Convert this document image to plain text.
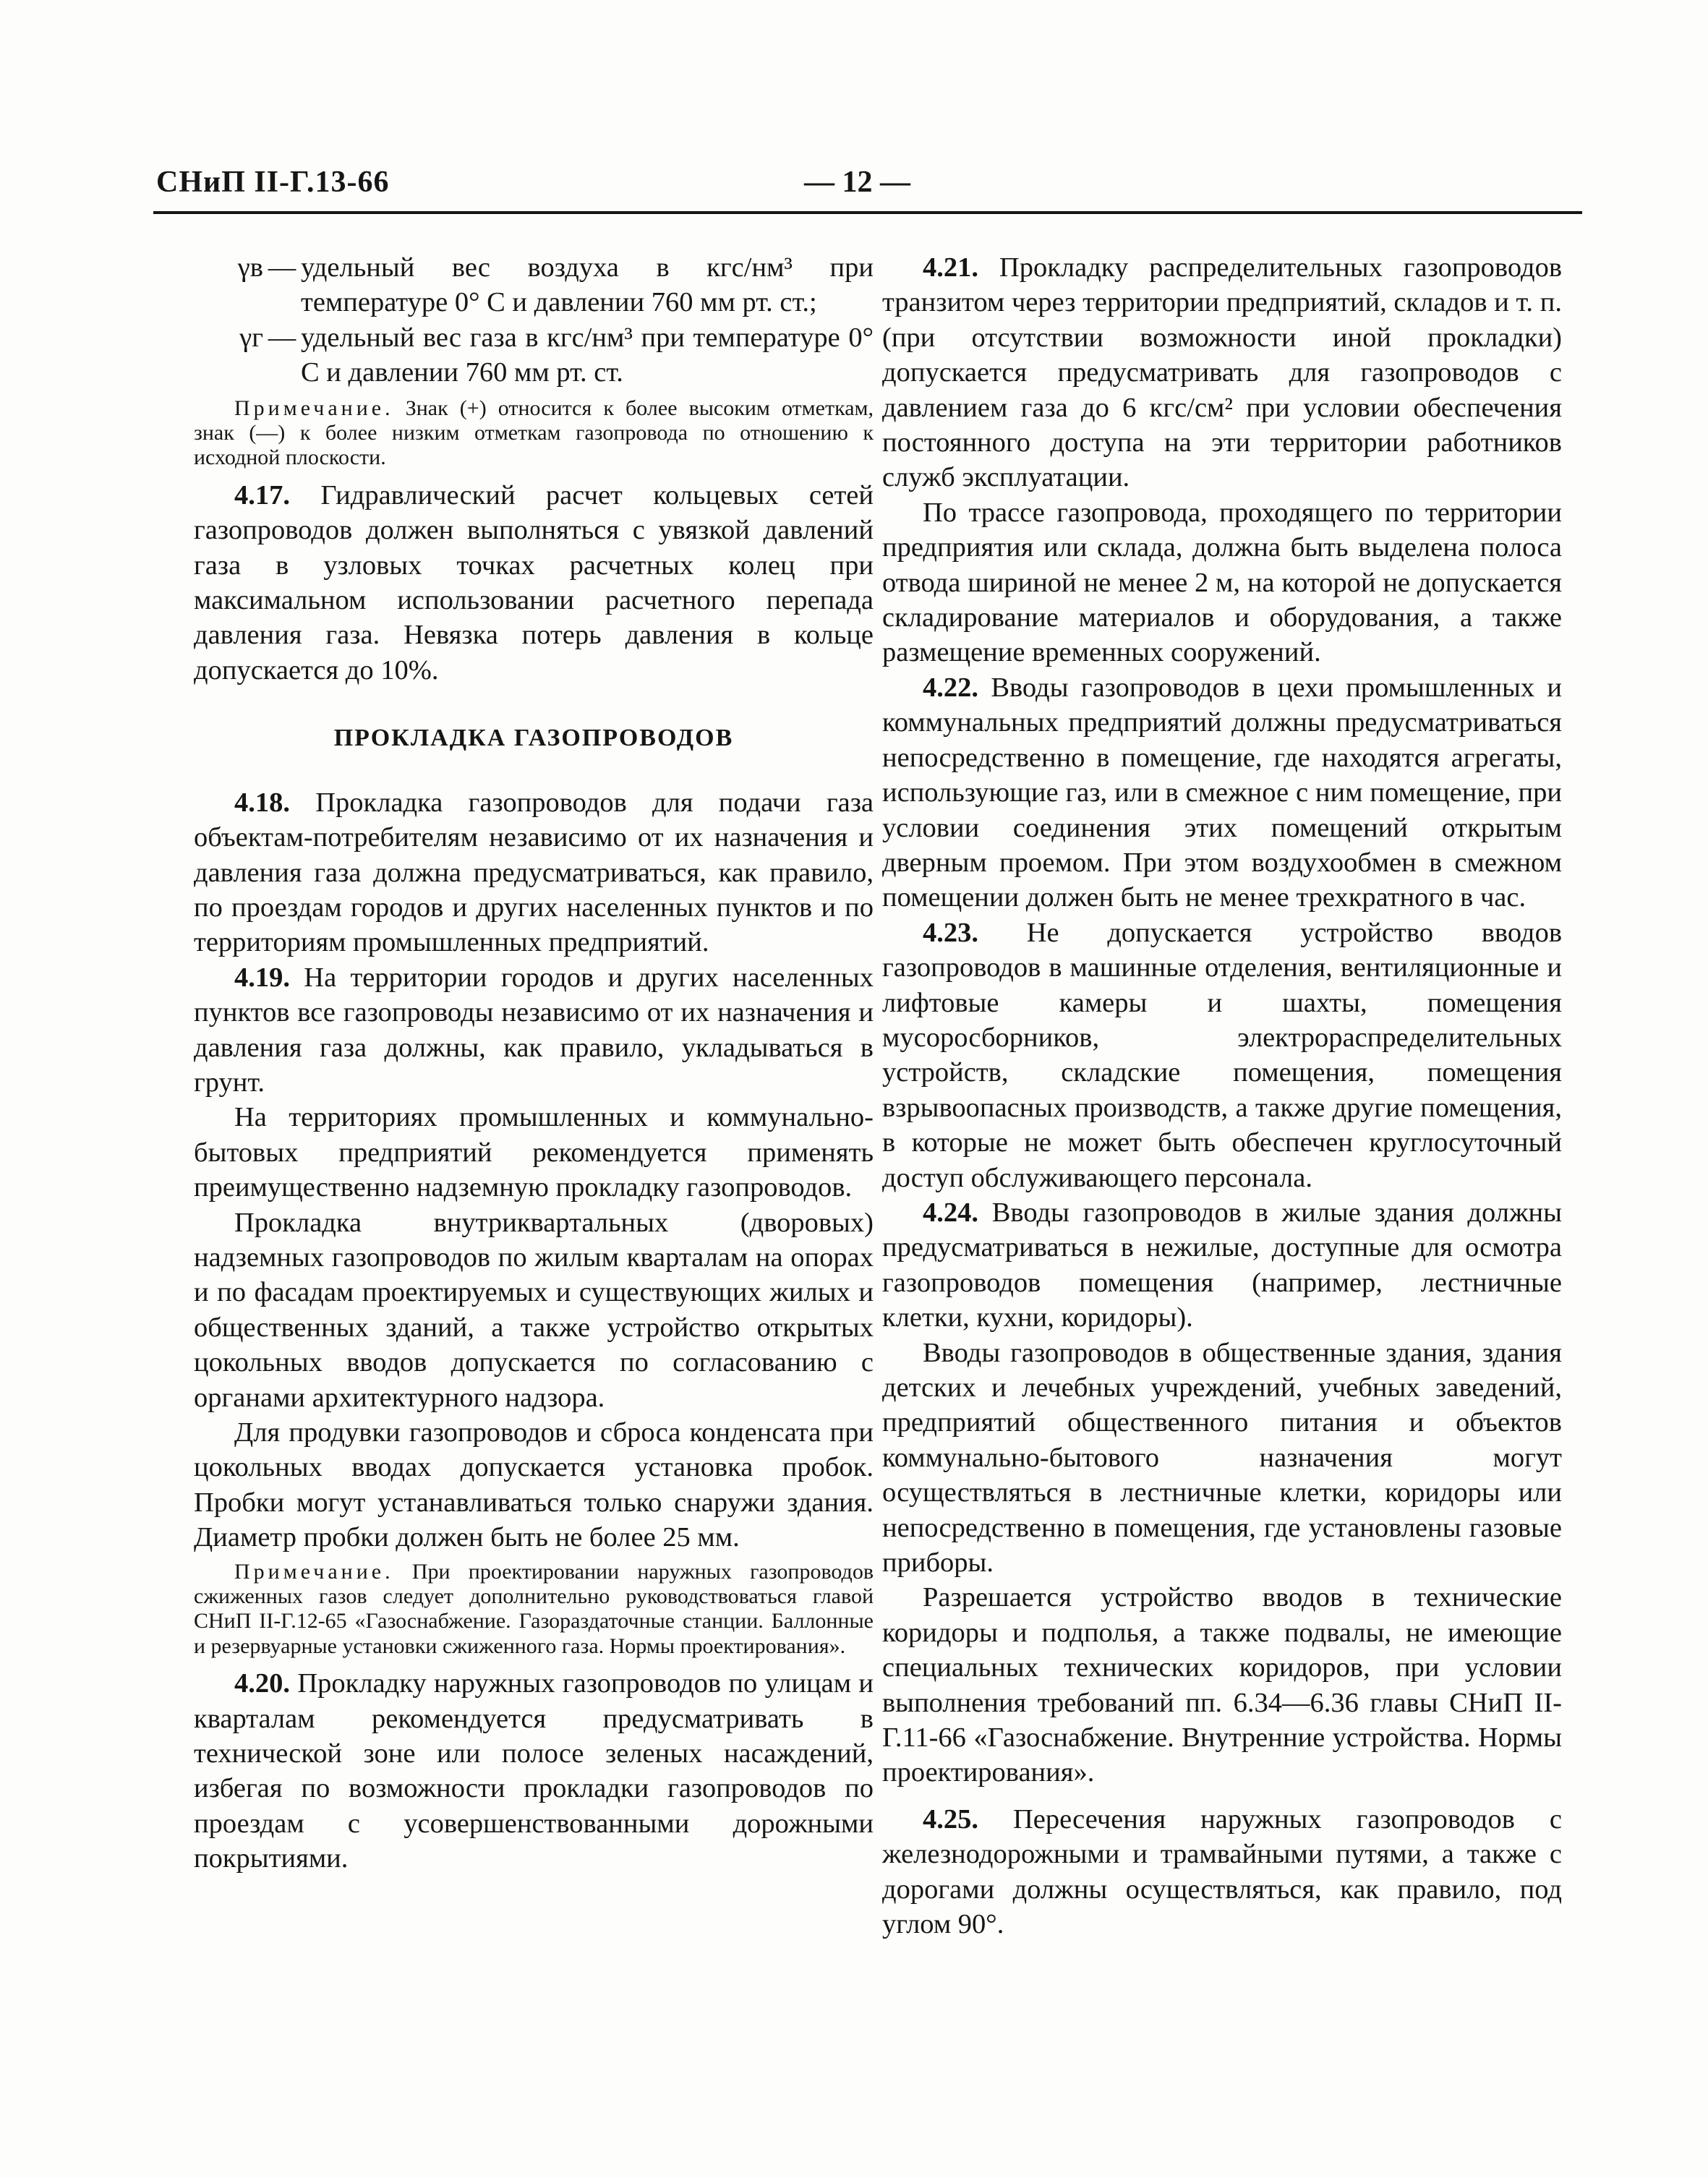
СНиП II-Г.13-66	— 12 —
γв — удельный вес воздуха в кгс/нм³ при температуре 0° С и давлении 760 мм рт. ст.;
γг — удельный вес газа в кгс/нм³ при температуре 0° С и давлении 760 мм рт. ст.
Примечание. Знак (+) относится к более высоким отметкам, знак (—) к более низким отметкам газопровода по отношению к исходной плоскости.

4.17. Гидравлический расчет кольцевых сетей газопроводов должен выполняться с увязкой давлений газа в узловых точках расчетных колец при максимальном использовании расчетного перепада давления газа. Невязка потерь давления в кольце допускается до 10%.

ПРОКЛАДКА ГАЗОПРОВОДОВ

4.18. Прокладка газопроводов для подачи газа объектам-потребителям независимо от их назначения и давления газа должна предусматриваться, как правило, по проездам городов и других населенных пунктов и по территориям промышленных предприятий.

4.19. На территории городов и других населенных пунктов все газопроводы независимо от их назначения и давления газа должны, как правило, укладываться в грунт.

На территориях промышленных и коммунально-бытовых предприятий рекомендуется применять преимущественно надземную прокладку газопроводов.

Прокладка внутриквартальных (дворовых) надземных газопроводов по жилым кварталам на опорах и по фасадам проектируемых и существующих жилых и общественных зданий, а также устройство открытых цокольных вводов допускается по согласованию с органами архитектурного надзора.

Для продувки газопроводов и сброса конденсата при цокольных вводах допускается установка пробок. Пробки могут устанавливаться только снаружи здания. Диаметр пробки должен быть не более 25 мм.

Примечание. При проектировании наружных газопроводов сжиженных газов следует дополнительно руководствоваться главой СНиП II-Г.12-65 «Газоснабжение. Газораздаточные станции. Баллонные и резервуарные установки сжиженного газа. Нормы проектирования».

4.20. Прокладку наружных газопроводов по улицам и кварталам рекомендуется предусматривать в технической зоне или полосе зеленых насаждений, избегая по возможности прокладки газопроводов по проездам с усовершенствованными дорожными покрытиями.

4.21. Прокладку распределительных газопроводов транзитом через территории предприятий, складов и т. п. (при отсутствии возможности иной прокладки) допускается предусматривать для газопроводов с давлением газа до 6 кгс/см² при условии обеспечения постоянного доступа на эти территории работников служб эксплуатации.

По трассе газопровода, проходящего по территории предприятия или склада, должна быть выделена полоса отвода шириной не менее 2 м, на которой не допускается складирование материалов и оборудования, а также размещение временных сооружений.

4.22. Вводы газопроводов в цехи промышленных и коммунальных предприятий должны предусматриваться непосредственно в помещение, где находятся агрегаты, использующие газ, или в смежное с ним помещение, при условии соединения этих помещений открытым дверным проемом. При этом воздухообмен в смежном помещении должен быть не менее трехкратного в час.

4.23. Не допускается устройство вводов газопроводов в машинные отделения, вентиляционные и лифтовые камеры и шахты, помещения мусоросборников, электрораспределительных устройств, складские помещения, помещения взрывоопасных производств, а также другие помещения, в которые не может быть обеспечен круглосуточный доступ обслуживающего персонала.

4.24. Вводы газопроводов в жилые здания должны предусматриваться в нежилые, доступные для осмотра газопроводов помещения (например, лестничные клетки, кухни, коридоры).

Вводы газопроводов в общественные здания, здания детских и лечебных учреждений, учебных заведений, предприятий общественного питания и объектов коммунально-бытового назначения могут осуществляться в лестничные клетки, коридоры или непосредственно в помещения, где установлены газовые приборы.

Разрешается устройство вводов в технические коридоры и подполья, а также подвалы, не имеющие специальных технических коридоров, при условии выполнения требований пп. 6.34—6.36 главы СНиП II-Г.11-66 «Газоснабжение. Внутренние устройства. Нормы проектирования».

4.25. Пересечения наружных газопроводов с железнодорожными и трамвайными путями, а также с дорогами должны осуществляться, как правило, под углом 90°.
